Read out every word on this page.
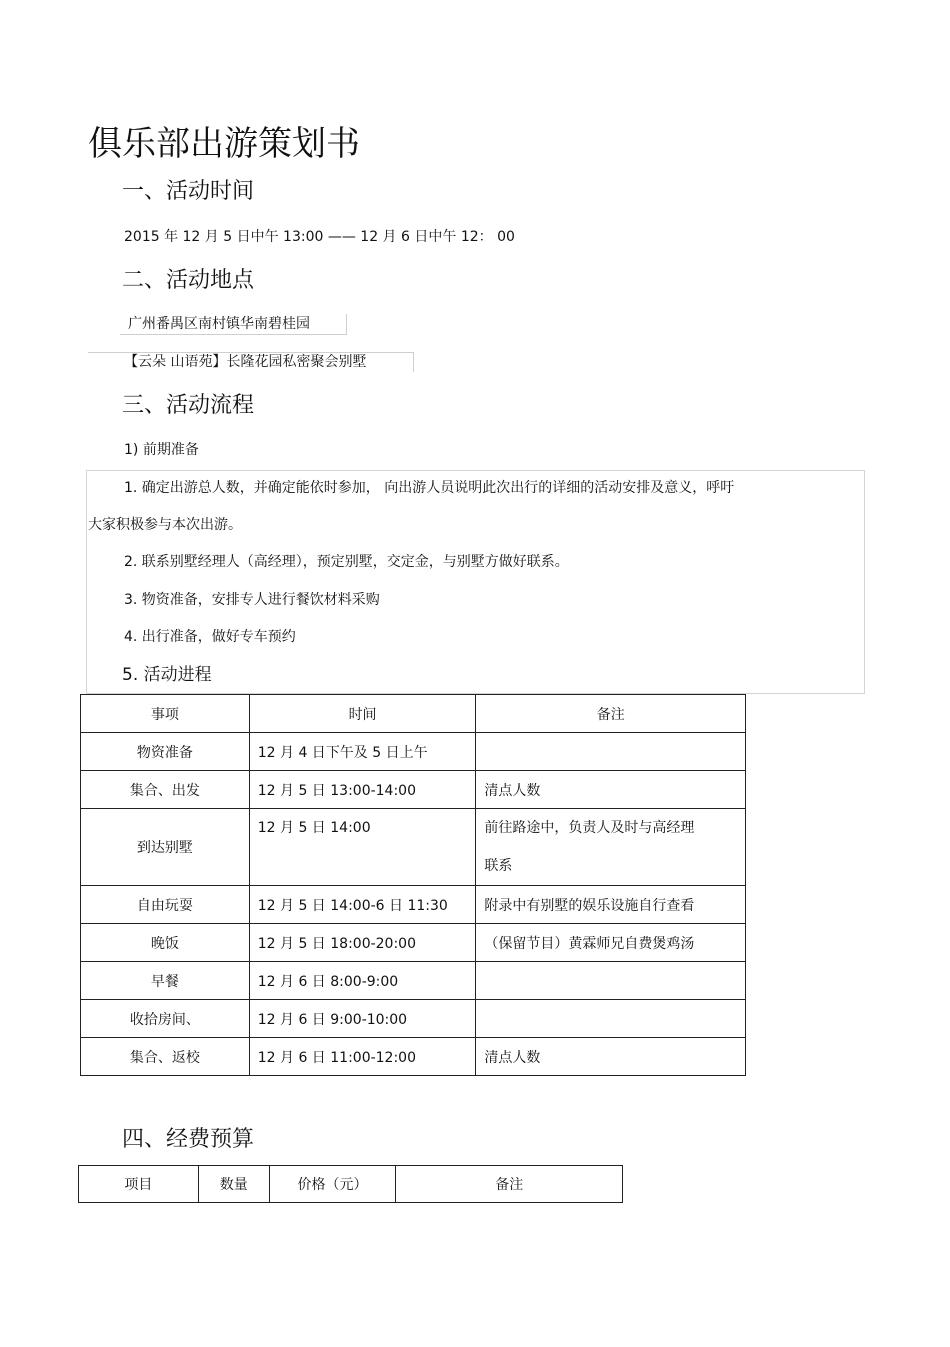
俱乐部出游策划书
一、活动时间
2015 年 12 月 5 日中午 13:00 —— 12 月 6 日中午 12： 00
二、活动地点
广州番禺区南村镇华南碧桂园
【云朵 山语苑】长隆花园私密聚会别墅
三、活动流程
1) 前期准备
1. 确定出游总人数，并确定能依时参加， 向出游人员说明此次出行的详细的活动安排及意义，呼吁
大家积极参与本次出游。
2. 联系别墅经理人（高经理），预定别墅，交定金，与别墅方做好联系。
3. 物资准备，安排专人进行餐饮材料采购
4. 出行准备，做好专车预约
5. 活动进程
事项	时间	备注
物资准备	12 月 4 日下午及 5 日上午	
集合、出发	12 月 5 日 13:00-14:00	清点人数
到达别墅	12 月 5 日 14:00	前往路途中，负责人及时与高经理
联系

自由玩耍	12 月 5 日 14:00-6 日 11:30	附录中有别墅的娱乐设施自行查看
晚饭	12 月 5 日 18:00-20:00	（保留节目）黄霖师兄自费煲鸡汤
早餐	12 月 6 日 8:00-9:00	
收拾房间、	12 月 6 日 9:00-10:00	
集合、返校	12 月 6 日 11:00-12:00	清点人数
四、经费预算
项目	数量	价格（元）	备注
